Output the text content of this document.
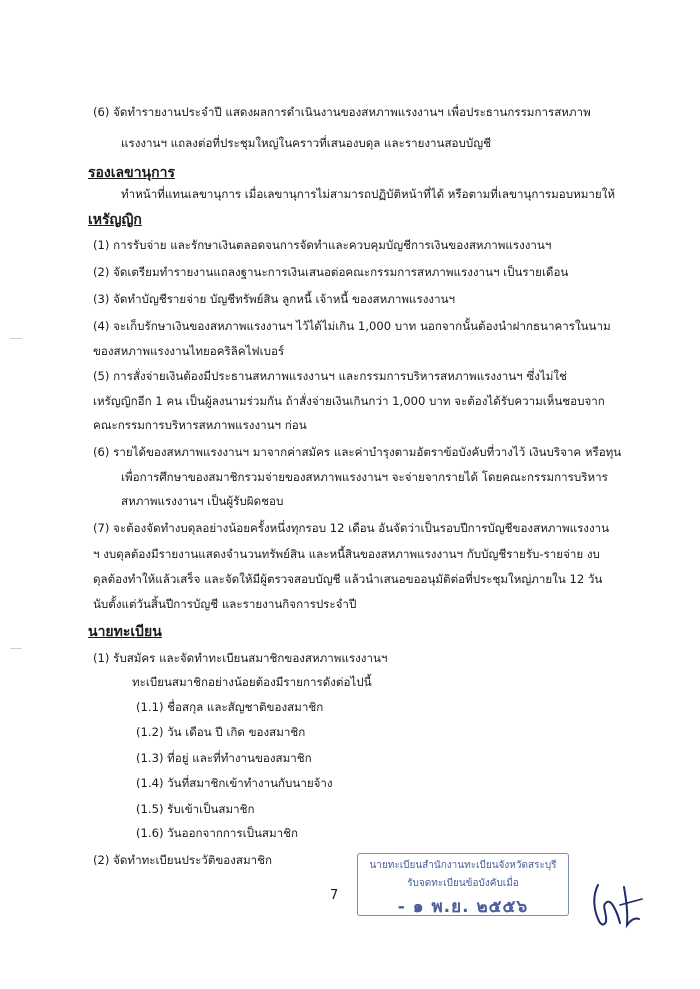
(6) จัดทำรายงานประจำปี แสดงผลการดำเนินงานของสหภาพแรงงานฯ เพื่อประธานกรรมการสหภาพ
แรงงานฯ แถลงต่อที่ประชุมใหญ่ในคราวที่เสนองบดุล และรายงานสอบบัญชี
รองเลขานุการ
ทำหน้าที่แทนเลขานุการ เมื่อเลขานุการไม่สามารถปฏิบัติหน้าที่ได้ หรือตามที่เลขานุการมอบหมายให้
เหรัญญิก
(1) การรับจ่าย และรักษาเงินตลอดจนการจัดทำและควบคุมบัญชีการเงินของสหภาพแรงงานฯ
(2) จัดเตรียมทำรายงานแถลงฐานะการเงินเสนอต่อคณะกรรมการสหภาพแรงงานฯ เป็นรายเดือน
(3) จัดทำบัญชีรายจ่าย บัญชีทรัพย์สิน ลูกหนี้ เจ้าหนี้ ของสหภาพแรงงานฯ
(4) จะเก็บรักษาเงินของสหภาพแรงงานฯ ไว้ได้ไม่เกิน 1,000 บาท นอกจากนั้นต้องนำฝากธนาคารในนาม
ของสหภาพแรงงานไทยอคริลิคไฟเบอร์
(5) การสั่งจ่ายเงินต้องมีประธานสหภาพแรงงานฯ และกรรมการบริหารสหภาพแรงงานฯ ซึ่งไม่ใช่
เหรัญญิกอีก 1 คน เป็นผู้ลงนามร่วมกัน ถ้าสั่งจ่ายเงินเกินกว่า 1,000 บาท จะต้องได้รับความเห็นชอบจาก
คณะกรรมการบริหารสหภาพแรงงานฯ ก่อน
(6) รายได้ของสหภาพแรงงานฯ มาจากค่าสมัคร และค่าบำรุงตามอัตราข้อบังคับที่วางไว้ เงินบริจาค หรือทุน
เพื่อการศึกษาของสมาชิกรวมจ่ายของสหภาพแรงงานฯ จะจ่ายจากรายได้ โดยคณะกรรมการบริหาร
สหภาพแรงงานฯ เป็นผู้รับผิดชอบ
(7) จะต้องจัดทำงบดุลอย่างน้อยครั้งหนึ่งทุกรอบ 12 เดือน อันจัดว่าเป็นรอบปีการบัญชีของสหภาพแรงงาน
ฯ งบดุลต้องมีรายงานแสดงจำนวนทรัพย์สิน และหนี้สินของสหภาพแรงงานฯ กับบัญชีรายรับ-รายจ่าย งบ
ดุลต้องทำให้แล้วเสร็จ และจัดให้มีผู้ตรวจสอบบัญชี แล้วนำเสนอขออนุมัติต่อที่ประชุมใหญ่ภายใน 12 วัน
นับตั้งแต่วันสิ้นปีการบัญชี และรายงานกิจการประจำปี
นายทะเบียน
(1) รับสมัคร และจัดทำทะเบียนสมาชิกของสหภาพแรงงานฯ
ทะเบียนสมาชิกอย่างน้อยต้องมีรายการดังต่อไปนี้
(1.1) ชื่อสกุล และสัญชาติของสมาชิก
(1.2) วัน เดือน ปี เกิด ของสมาชิก
(1.3) ที่อยู่ และที่ทำงานของสมาชิก
(1.4) วันที่สมาชิกเข้าทำงานกับนายจ้าง
(1.5) รับเข้าเป็นสมาชิก
(1.6) วันออกจากการเป็นสมาชิก
(2) จัดทำทะเบียนประวัติของสมาชิก
7
นายทะเบียนสำนักงานทะเบียนจังหวัดสระบุรี
รับจดทะเบียนข้อบังคับเมื่อ
- ๑ พ.ย. ๒๕๕๖
